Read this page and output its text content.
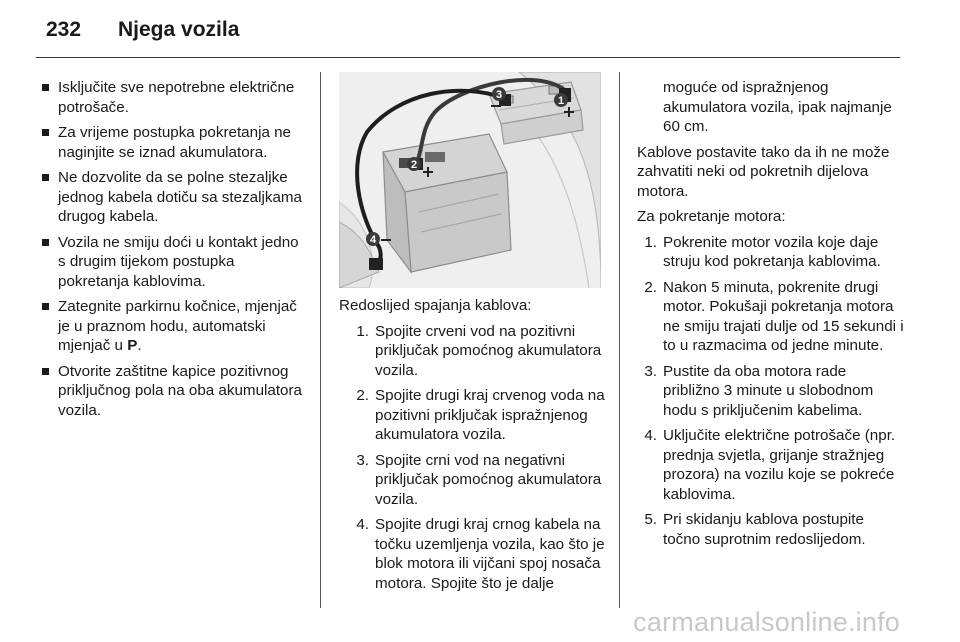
232 Njega vozila
Isključite sve nepotrebne električne potrošače.
Za vrijeme postupka pokretanja ne naginjite se iznad akumulatora.
Ne dozvolite da se polne stezaljke jednog kabela dotiču sa stezaljkama drugog kabela.
Vozila ne smiju doći u kontakt jedno s drugim tijekom postupka pokretanja kablovima.
Zategnite parkirnu kočnice, mjenjač je u praznom hodu, automatski mjenjač u P.
Otvorite zaštitne kapice pozitivnog priključnog pola na oba akumulatora vozila.
1
2
3
4

Redoslijed spajanja kablova:

1. Spojite crveni vod na pozitivni priključak pomoćnog akumulatora vozila.
2. Spojite drugi kraj crvenog voda na pozitivni priključak ispražnjenog akumulatora vozila.
3. Spojite crni vod na negativni priključak pomoćnog akumulatora vozila.
4. Spojite drugi kraj crnog kabela na točku uzemljenja vozila, kao što je blok motora ili vijčani spoj nosača motora. Spojite što je dalje

moguće od ispražnjenog akumulatora vozila, ipak najmanje 60 cm.

Kablove postavite tako da ih ne može zahvatiti neki od pokretnih dijelova motora.

Za pokretanje motora:

1. Pokrenite motor vozila koje daje struju kod pokretanja kablovima.
2. Nakon 5 minuta, pokrenite drugi motor. Pokušaji pokretanja motora ne smiju trajati dulje od 15 sekundi i to u razmacima od jedne minute.
3. Pustite da oba motora rade približno 3 minute u slobodnom hodu s priključenim kabelima.
4. Uključite električne potrošače (npr. prednja svjetla, grijanje stražnjeg prozora) na vozilu koje se pokreće kablovima.
5. Pri skidanju kablova postupite točno suprotnim redoslijedom.
carmanualsonline.info
